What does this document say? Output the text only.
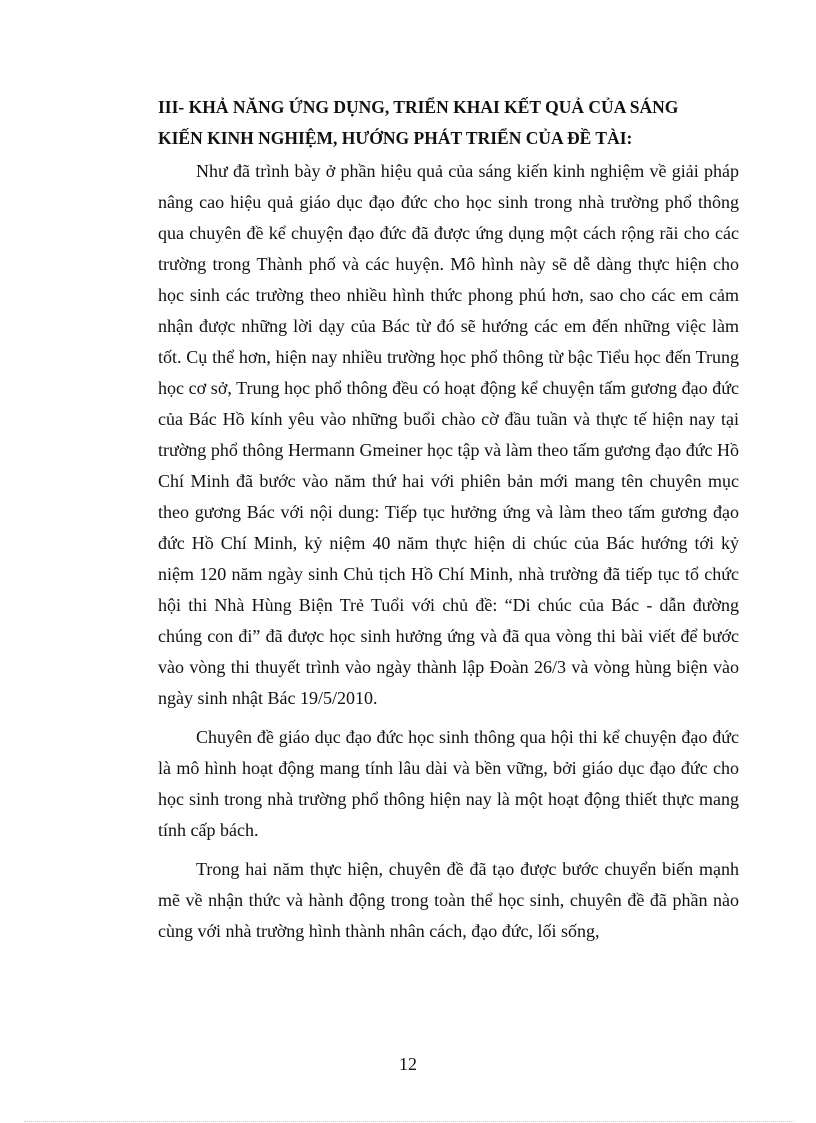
III- KHẢ NĂNG ỨNG DỤNG, TRIỂN KHAI KẾT QUẢ CỦA SÁNG
KIẾN KINH NGHIỆM, HƯỚNG PHÁT TRIỂN CỦA ĐỀ TÀI:

Như đã trình bày ở phần hiệu quả của sáng kiến kinh nghiệm về giải pháp nâng cao hiệu quả giáo dục đạo đức cho học sinh trong nhà trường phổ thông qua chuyên đề kể chuyện đạo đức đã được ứng dụng một cách rộng rãi cho các trường trong Thành phố và các huyện. Mô hình này sẽ dễ dàng thực hiện cho học sinh các trường theo nhiều hình thức phong phú hơn, sao cho các em cảm nhận được những lời dạy của Bác từ đó sẽ hướng các em đến những việc làm tốt. Cụ thể hơn, hiện nay nhiều trường học phổ thông từ bậc Tiểu học đến Trung học cơ sở, Trung học phổ thông đều có hoạt động kể chuyện tấm gương đạo đức của Bác Hồ kính yêu vào những buổi chào cờ đầu tuần và thực tế hiện nay tại trường phổ thông Hermann Gmeiner học tập và làm theo tấm gương đạo đức Hồ Chí Minh đã bước vào năm thứ hai với phiên bản mới mang tên chuyên mục theo gương Bác với nội dung: Tiếp tục hưởng ứng và làm theo tấm gương đạo đức Hồ Chí Minh, kỷ niệm 40 năm thực hiện di chúc của Bác hướng tới kỷ niệm 120 năm ngày sinh Chủ tịch Hồ Chí Minh, nhà trường đã tiếp tục tổ chức hội thi Nhà Hùng Biện Trẻ Tuổi với chủ đề: “Di chúc của Bác - dẫn đường chúng con đi” đã được học sinh hưởng ứng và đã qua vòng thi bài viết để bước vào vòng thi thuyết trình vào ngày thành lập Đoàn 26/3 và vòng hùng biện vào ngày sinh nhật Bác 19/5/2010.

Chuyên đề giáo dục đạo đức học sinh thông qua hội thi kể chuyện đạo đức là mô hình hoạt động mang tính lâu dài và bền vững, bởi giáo dục đạo đức cho học sinh trong nhà trường phổ thông hiện nay là một hoạt động thiết thực mang tính cấp bách.

Trong hai năm thực hiện, chuyên đề đã tạo được bước chuyển biến mạnh mẽ về nhận thức và hành động trong toàn thể học sinh, chuyên đề đã phần nào cùng với nhà trường hình thành nhân cách, đạo đức, lối sống,

12
